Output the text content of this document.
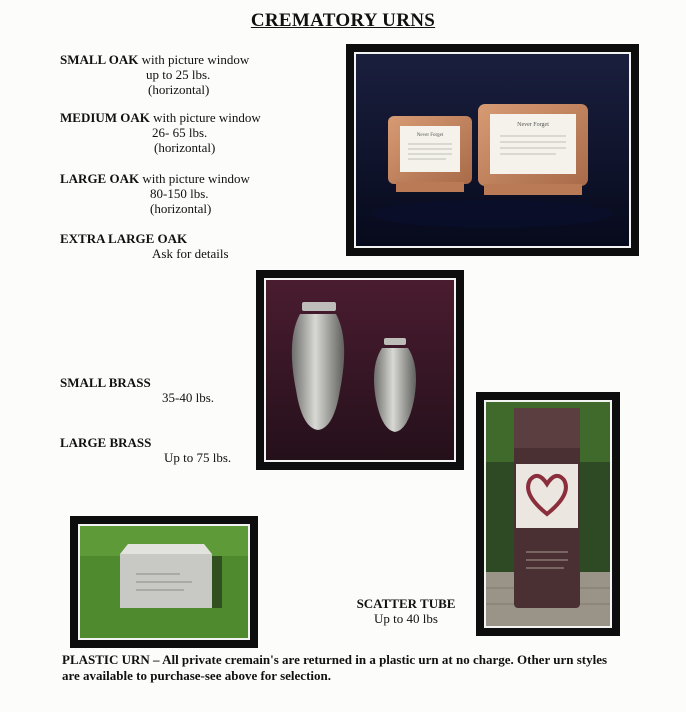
CREMATORY URNS
SMALL OAK with picture window
up to 25 lbs.
(horizontal)
MEDIUM OAK with picture window
26- 65 lbs.
(horizontal)
LARGE OAK with picture window
80-150 lbs.
(horizontal)
EXTRA LARGE OAK
Ask for details
SMALL BRASS
35-40 lbs.
LARGE BRASS
Up to 75 lbs.
Never Forget
Never Forget
SCATTER TUBE
Up to 40 lbs
PLASTIC URN – All private cremain's are returned in a plastic urn at no charge. Other urn styles are available to purchase-see above for selection.
